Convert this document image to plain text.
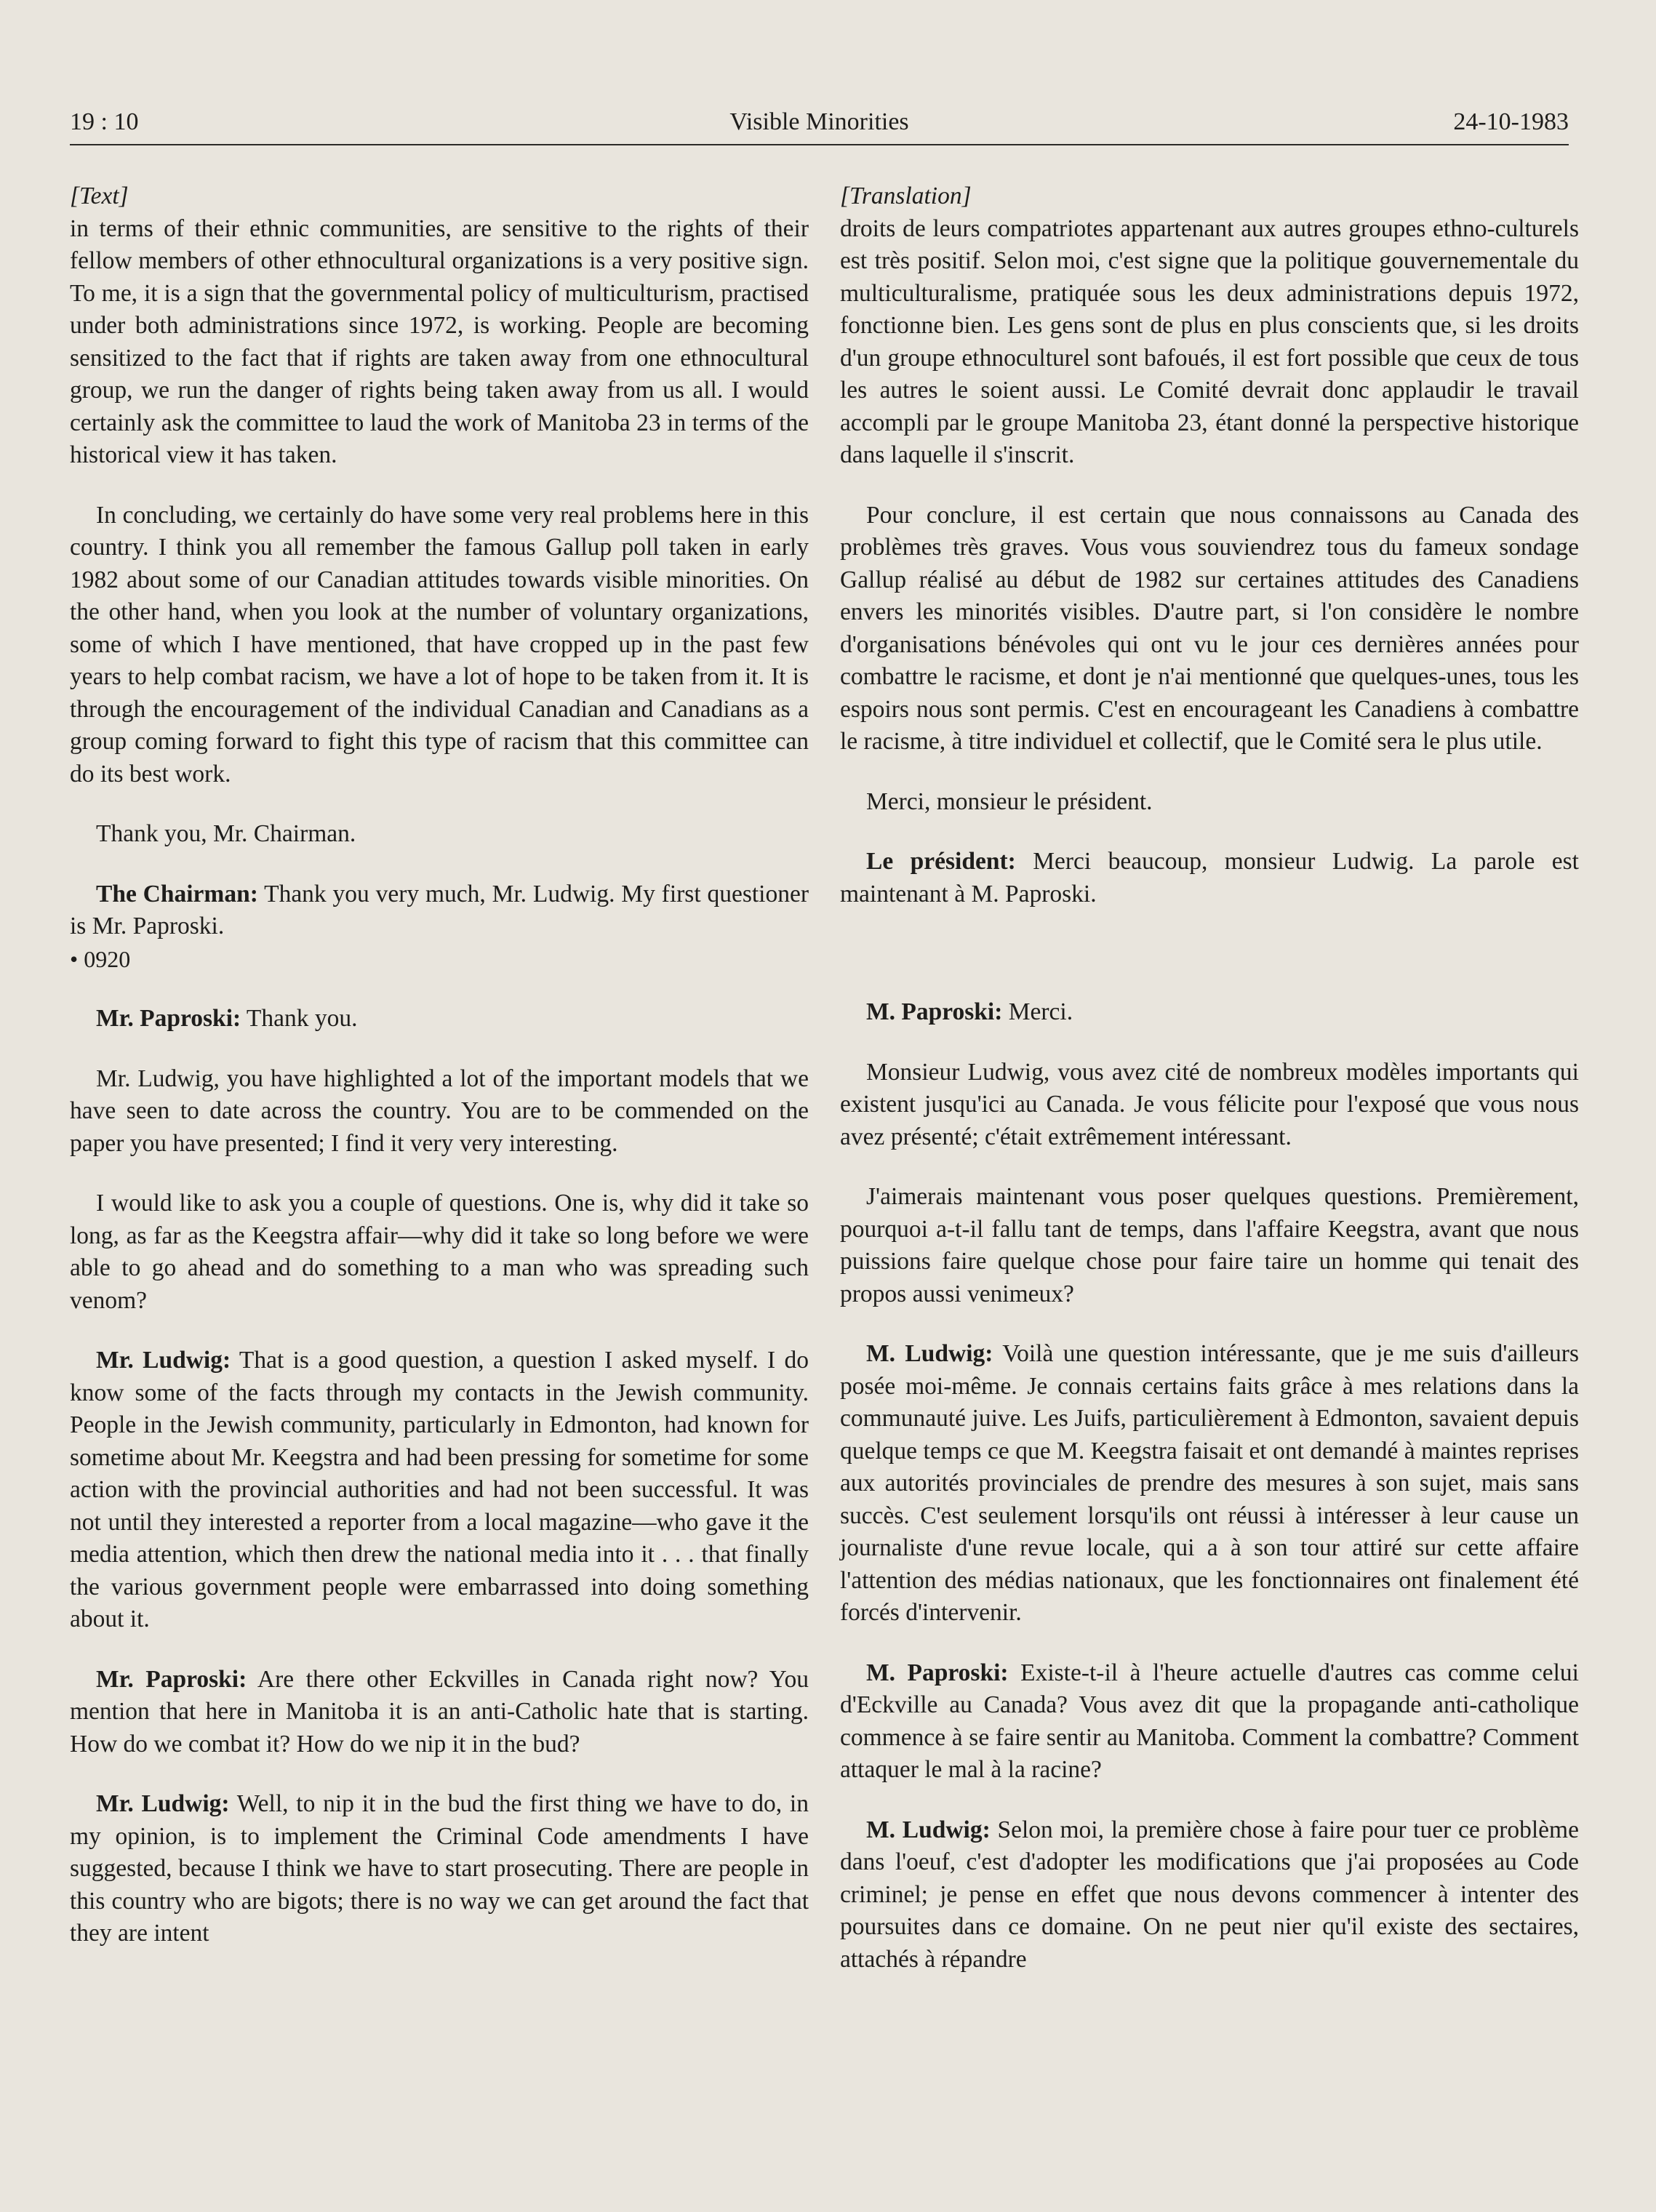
19 : 10	Visible Minorities	24-10-1983

[Text]

in terms of their ethnic communities, are sensitive to the rights of their fellow members of other ethnocultural organizations is a very positive sign. To me, it is a sign that the governmental policy of multiculturism, practised under both administrations since 1972, is working. People are becoming sensitized to the fact that if rights are taken away from one ethnocultural group, we run the danger of rights being taken away from us all. I would certainly ask the committee to laud the work of Manitoba 23 in terms of the historical view it has taken.

In concluding, we certainly do have some very real problems here in this country. I think you all remember the famous Gallup poll taken in early 1982 about some of our Canadian attitudes towards visible minorities. On the other hand, when you look at the number of voluntary organizations, some of which I have mentioned, that have cropped up in the past few years to help combat racism, we have a lot of hope to be taken from it. It is through the encouragement of the individual Canadian and Canadians as a group coming forward to fight this type of racism that this committee can do its best work.

Thank you, Mr. Chairman.

The Chairman: Thank you very much, Mr. Ludwig. My first questioner is Mr. Paproski.

• 0920

Mr. Paproski: Thank you.

Mr. Ludwig, you have highlighted a lot of the important models that we have seen to date across the country. You are to be commended on the paper you have presented; I find it very very interesting.

I would like to ask you a couple of questions. One is, why did it take so long, as far as the Keegstra affair—why did it take so long before we were able to go ahead and do something to a man who was spreading such venom?

Mr. Ludwig: That is a good question, a question I asked myself. I do know some of the facts through my contacts in the Jewish community. People in the Jewish community, particularly in Edmonton, had known for sometime about Mr. Keegstra and had been pressing for sometime for some action with the provincial authorities and had not been successful. It was not until they interested a reporter from a local magazine—who gave it the media attention, which then drew the national media into it . . . that finally the various government people were embarrassed into doing something about it.

Mr. Paproski: Are there other Eckvilles in Canada right now? You mention that here in Manitoba it is an anti-Catholic hate that is starting. How do we combat it? How do we nip it in the bud?

Mr. Ludwig: Well, to nip it in the bud the first thing we have to do, in my opinion, is to implement the Criminal Code amendments I have suggested, because I think we have to start prosecuting. There are people in this country who are bigots; there is no way we can get around the fact that they are intent

[Translation]

droits de leurs compatriotes appartenant aux autres groupes ethno-culturels est très positif. Selon moi, c'est signe que la politique gouvernementale du multiculturalisme, pratiquée sous les deux administrations depuis 1972, fonctionne bien. Les gens sont de plus en plus conscients que, si les droits d'un groupe ethnoculturel sont bafoués, il est fort possible que ceux de tous les autres le soient aussi. Le Comité devrait donc applaudir le travail accompli par le groupe Manitoba 23, étant donné la perspective historique dans laquelle il s'inscrit.

Pour conclure, il est certain que nous connaissons au Canada des problèmes très graves. Vous vous souviendrez tous du fameux sondage Gallup réalisé au début de 1982 sur certaines attitudes des Canadiens envers les minorités visibles. D'autre part, si l'on considère le nombre d'organisations bénévoles qui ont vu le jour ces dernières années pour combattre le racisme, et dont je n'ai mentionné que quelques-unes, tous les espoirs nous sont permis. C'est en encourageant les Canadiens à combattre le racisme, à titre individuel et collectif, que le Comité sera le plus utile.

Merci, monsieur le président.

Le président: Merci beaucoup, monsieur Ludwig. La parole est maintenant à M. Paproski.

M. Paproski: Merci.

Monsieur Ludwig, vous avez cité de nombreux modèles importants qui existent jusqu'ici au Canada. Je vous félicite pour l'exposé que vous nous avez présenté; c'était extrêmement intéressant.

J'aimerais maintenant vous poser quelques questions. Premièrement, pourquoi a-t-il fallu tant de temps, dans l'affaire Keegstra, avant que nous puissions faire quelque chose pour faire taire un homme qui tenait des propos aussi venimeux?

M. Ludwig: Voilà une question intéressante, que je me suis d'ailleurs posée moi-même. Je connais certains faits grâce à mes relations dans la communauté juive. Les Juifs, particulièrement à Edmonton, savaient depuis quelque temps ce que M. Keegstra faisait et ont demandé à maintes reprises aux autorités provinciales de prendre des mesures à son sujet, mais sans succès. C'est seulement lorsqu'ils ont réussi à intéresser à leur cause un journaliste d'une revue locale, qui a à son tour attiré sur cette affaire l'attention des médias nationaux, que les fonctionnaires ont finalement été forcés d'intervenir.

M. Paproski: Existe-t-il à l'heure actuelle d'autres cas comme celui d'Eckville au Canada? Vous avez dit que la propagande anti-catholique commence à se faire sentir au Manitoba. Comment la combattre? Comment attaquer le mal à la racine?

M. Ludwig: Selon moi, la première chose à faire pour tuer ce problème dans l'oeuf, c'est d'adopter les modifications que j'ai proposées au Code criminel; je pense en effet que nous devons commencer à intenter des poursuites dans ce domaine. On ne peut nier qu'il existe des sectaires, attachés à répandre
